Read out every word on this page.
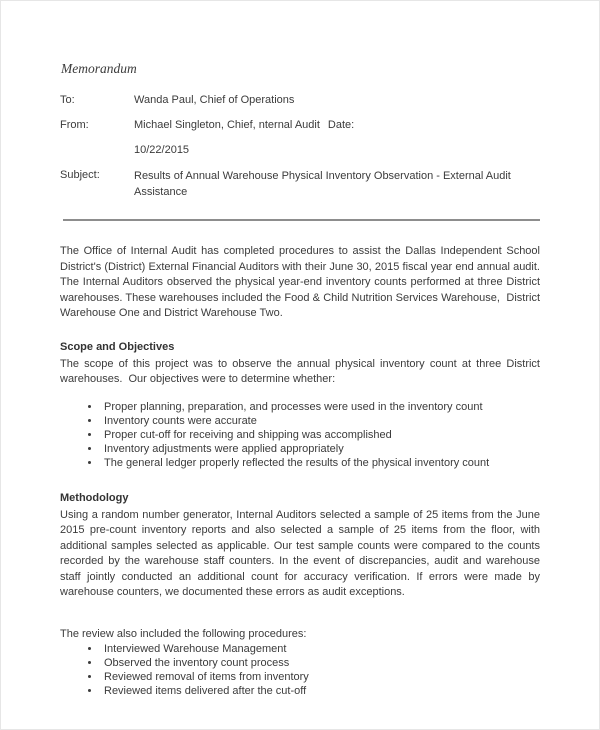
Memorandum
To:	Wanda Paul, Chief of Operations
From:	Michael Singleton, Chief, nternal Audit Date:
10/22/2015
Subject:	Results of Annual Warehouse Physical Inventory Observation - External Audit Assistance

The Office of Internal Audit has completed procedures to assist the Dallas Independent School District's (District) External Financial Auditors with their June 30, 2015 fiscal year end annual audit. The Internal Auditors observed the physical year-end inventory counts performed at three District warehouses. These warehouses included the Food & Child Nutrition Services Warehouse,  District Warehouse One and District Warehouse Two.

Scope and Objectives

The scope of this project was to observe the annual physical inventory count at three District warehouses.  Our objectives were to determine whether:

• Proper planning, preparation, and processes were used in the inventory count
• Inventory counts were accurate
• Proper cut-off for receiving and shipping was accomplished
• Inventory adjustments were applied appropriately
• The general ledger properly reflected the results of the physical inventory count
Methodology

Using a random number generator, Internal Auditors selected a sample of 25 items from the June 2015 pre-count inventory reports and also selected a sample of 25 items from the floor, with additional samples selected as applicable. Our test sample counts were compared to the counts recorded by the warehouse staff counters. In the event of discrepancies, audit and warehouse staff jointly conducted an additional count for accuracy verification. If errors were made by warehouse counters, we documented these errors as audit exceptions.

The review also included the following procedures:

• Interviewed Warehouse Management
• Observed the inventory count process
• Reviewed removal of items from inventory
• Reviewed items delivered after the cut-off
